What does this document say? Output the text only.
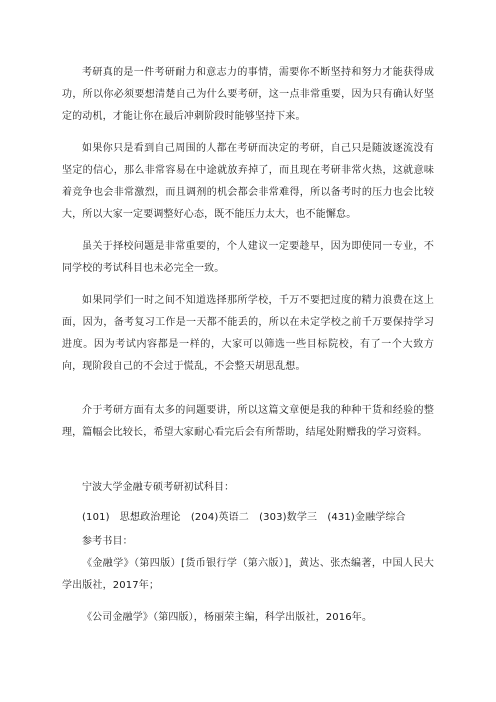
考研真的是一件考研耐力和意志力的事情，需要你不断坚持和努力才能获得成功，所以你必须要想清楚自己为什么要考研，这一点非常重要，因为只有确认好坚定的动机，才能让你在最后冲刺阶段时能够坚持下来。

如果你只是看到自己周围的人都在考研而决定的考研，自己只是随波逐流没有坚定的信心，那么非常容易在中途就放弃掉了，而且现在考研非常火热，这就意味着竞争也会非常激烈，而且调剂的机会都会非常难得，所以备考时的压力也会比较大，所以大家一定要调整好心态，既不能压力太大，也不能懈怠。

虽关于择校问题是非常重要的，个人建议一定要趁早，因为即使同一专业，不同学校的考试科目也未必完全一致。

如果同学们一时之间不知道选择那所学校，千万不要把过度的精力浪费在这上面，因为，备考复习工作是一天都不能丢的，所以在未定学校之前千万要保持学习进度。因为考试内容都是一样的，大家可以筛选一些目标院校，有了一个大致方向，现阶段自己的不会过于慌乱，不会整天胡思乱想。

介于考研方面有太多的问题要讲，所以这篇文章便是我的种种干货和经验的整理，篇幅会比较长，希望大家耐心看完后会有所帮助，结尾处附赠我的学习资料。

宁波大学金融专硕考研初试科目：

(101)　思想政治理论　(204)英语二　(303)数学三　(431)金融学综合

参考书目：

《金融学》（第四版）[货币银行学（第六版）]，黄达、张杰编著，中国人民大学出版社，2017年；

《公司金融学》（第四版），杨丽荣主编，科学出版社，2016年。
